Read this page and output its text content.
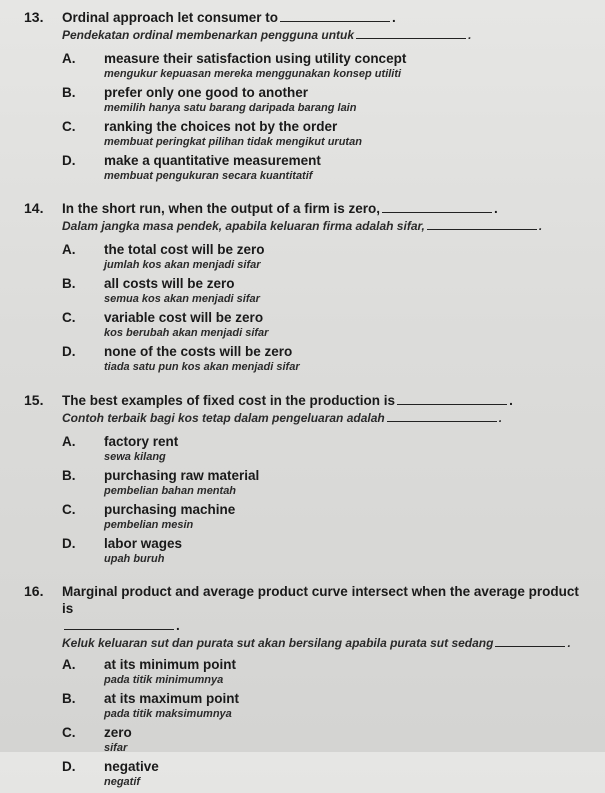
13. Ordinal approach let consumer to	.
Pendekatan ordinal membenarkan pengguna untuk	.
A. measure their satisfaction using utility concept
mengukur kepuasan mereka menggunakan konsep utiliti
B. prefer only one good to another
memilih hanya satu barang daripada barang lain
C. ranking the choices not by the order
membuat peringkat pilihan tidak mengikut urutan
D. make a quantitative measurement
membuat pengukuran secara kuantitatif
14. In the short run, when the output of a firm is zero,	.
Dalam jangka masa pendek, apabila keluaran firma adalah sifar,	.
A. the total cost will be zero
jumlah kos akan menjadi sifar
B. all costs will be zero
semua kos akan menjadi sifar
C. variable cost will be zero
kos berubah akan menjadi sifar
D. none of the costs will be zero
tiada satu pun kos akan menjadi sifar
15. The best examples of fixed cost in the production is	.
Contoh terbaik bagi kos tetap dalam pengeluaran adalah	.
A. factory rent
sewa kilang
B. purchasing raw material
pembelian bahan mentah
C. purchasing machine
pembelian mesin
D. labor wages
upah buruh
16. Marginal product and average product curve intersect when the average product is
.
Keluk keluaran sut dan purata sut akan bersilang apabila purata sut sedang	.
A. at its minimum point
pada titik minimumnya
B. at its maximum point
pada titik maksimumnya
C. zero
sifar
D. negative
negatif
